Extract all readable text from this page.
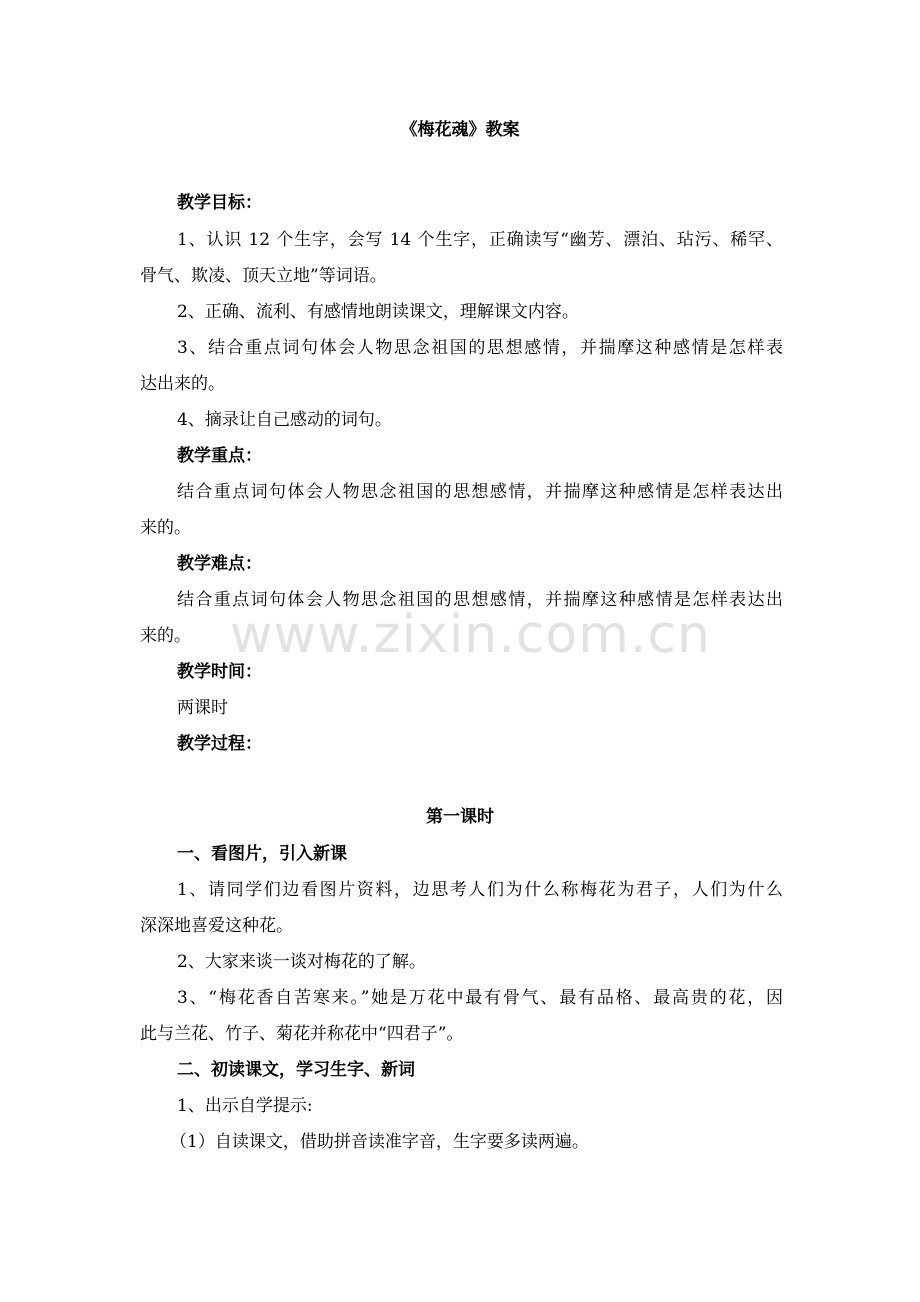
《梅花魂》教案
教学目标：
1、认识 12 个生字，会写 14 个生字，正确读写“幽芳、漂泊、玷污、稀罕、
骨气、欺凌、顶天立地”等词语。
2、正确、流利、有感情地朗读课文，理解课文内容。
3、结合重点词句体会人物思念祖国的思想感情，并揣摩这种感情是怎样表
达出来的。
4、摘录让自己感动的词句。
教学重点：
结合重点词句体会人物思念祖国的思想感情，并揣摩这种感情是怎样表达出
来的。
教学难点：
结合重点词句体会人物思念祖国的思想感情，并揣摩这种感情是怎样表达出
来的。
教学时间：
两课时
教学过程：
第一课时
一、看图片，引入新课
1、请同学们边看图片资料，边思考人们为什么称梅花为君子，人们为什么
深深地喜爱这种花。
2、大家来谈一谈对梅花的了解。
3、“梅花香自苦寒来。”她是万花中最有骨气、最有品格、最高贵的花，因
此与兰花、竹子、菊花并称花中“四君子”。
二、初读课文，学习生字、新词
1、出示自学提示:
（1）自读课文，借助拼音读准字音，生字要多读两遍。
www.zixin.com.cn
